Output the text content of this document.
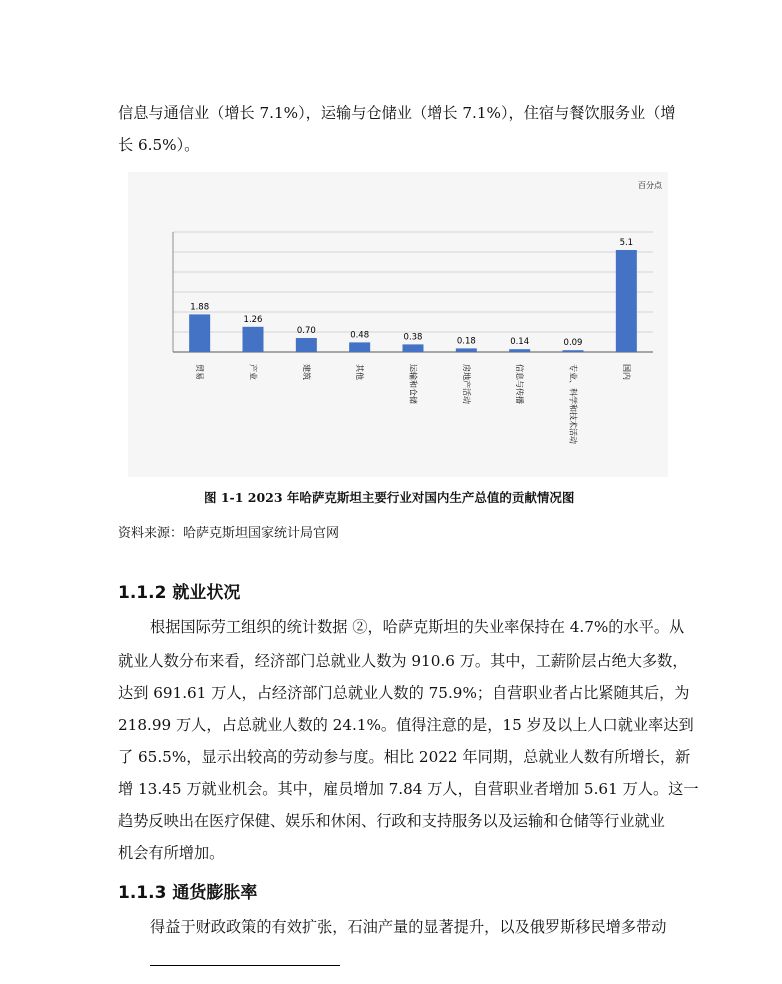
信息与通信业（增长 7.1%），运输与仓储业（增长 7.1%），住宿与餐饮服务业（增
长 6.5%）。
百分点
1.88
1.26
0.70	0.48	0.38	0.18	0.14	0.09
5.1
贸易	产业	建筑	其他	运输和仓储	房地产活动	信息与传播	专业、科学和技术活动	国内
图 1-1 2023 年哈萨克斯坦主要行业对国内生产总值的贡献情况图
资料来源：哈萨克斯坦国家统计局官网
1.1.2 就业状况
根据国际劳工组织的统计数据 ②，哈萨克斯坦的失业率保持在 4.7%的水平。从
就业人数分布来看，经济部门总就业人数为 910.6 万。其中，工薪阶层占绝大多数，
达到 691.61 万人，占经济部门总就业人数的 75.9%；自营职业者占比紧随其后，为
218.99 万人，占总就业人数的 24.1%。值得注意的是，15 岁及以上人口就业率达到
了 65.5%，显示出较高的劳动参与度。相比 2022 年同期，总就业人数有所增长，新
增 13.45 万就业机会。其中，雇员增加 7.84 万人，自营职业者增加 5.61 万人。这一
趋势反映出在医疗保健、娱乐和休闲、行政和支持服务以及运输和仓储等行业就业
机会有所增加。
1.1.3 通货膨胀率
得益于财政政策的有效扩张，石油产量的显著提升，以及俄罗斯移民增多带动
